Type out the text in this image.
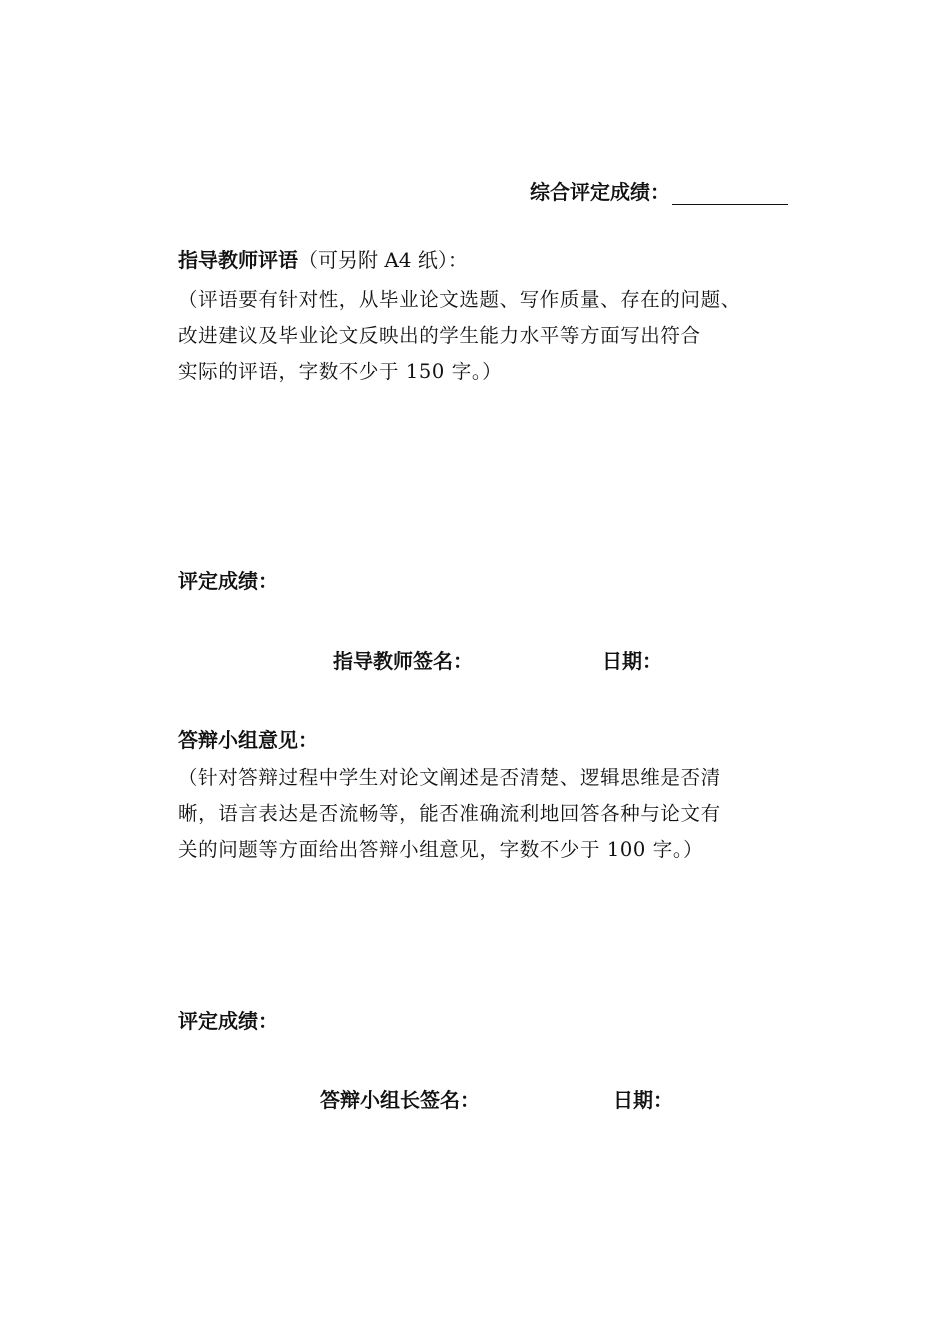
综合评定成绩：
指导教师评语（可另附 A4 纸）：
（评语要有针对性，从毕业论文选题、写作质量、存在的问题、
改进建议及毕业论文反映出的学生能力水平等方面写出符合
实际的评语，字数不少于 150 字。）
评定成绩：
指导教师签名：	日期：
答辩小组意见：
（针对答辩过程中学生对论文阐述是否清楚、逻辑思维是否清
晰，语言表达是否流畅等，能否准确流利地回答各种与论文有
关的问题等方面给出答辩小组意见，字数不少于 100 字。）
评定成绩：
答辩小组长签名：	日期：
